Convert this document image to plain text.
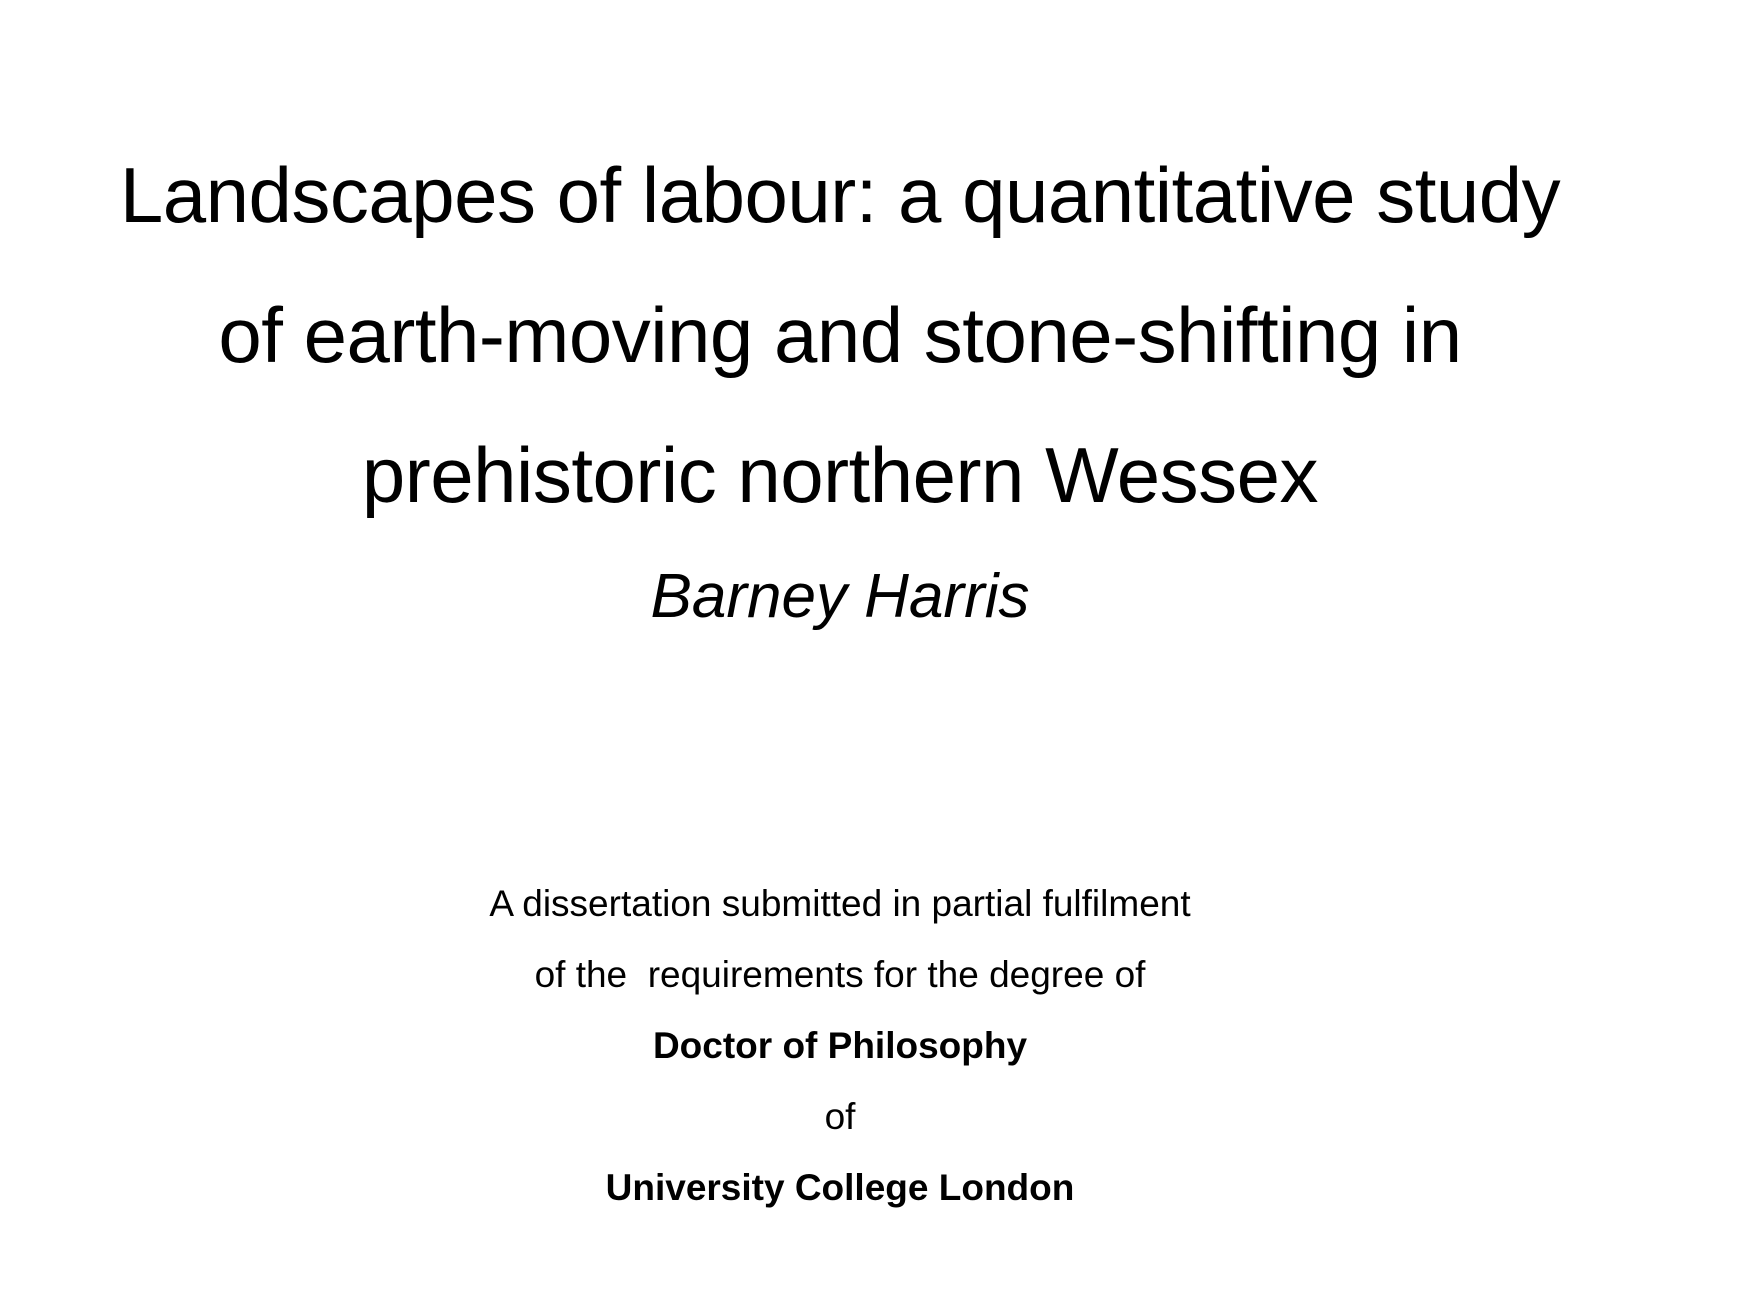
Landscapes of labour: a quantitative study
of earth-moving and stone-shifting in
prehistoric northern Wessex

Barney Harris

A dissertation submitted in partial fulfilment
of the  requirements for the degree of
Doctor of Philosophy
of
University College London
